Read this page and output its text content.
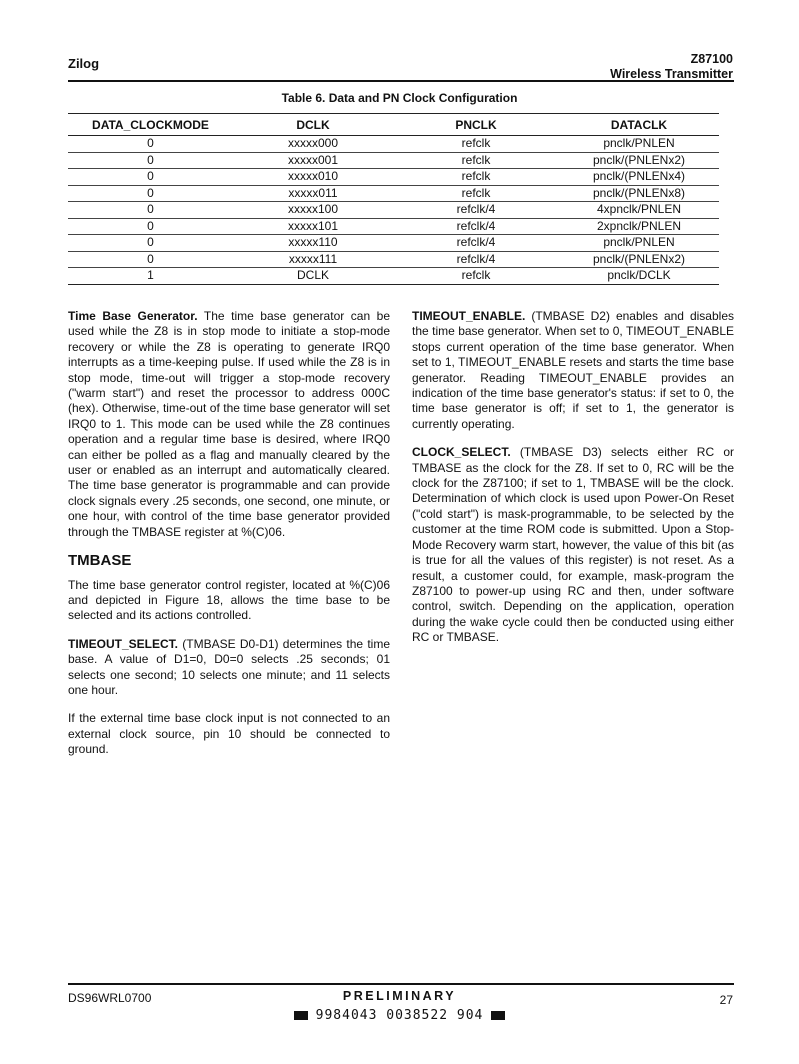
Zilog	Z87100
Wireless Transmitter
Table 6. Data and PN Clock Configuration
DATA_CLOCKMODE	DCLK	PNCLK	DATACLK
0	xxxxx000	refclk	pnclk/PNLEN
0	xxxxx001	refclk	pnclk/(PNLENx2)
0	xxxxx010	refclk	pnclk/(PNLENx4)
0	xxxxx011	refclk	pnclk/(PNLENx8)
0	xxxxx100	refclk/4	4xpnclk/PNLEN
0	xxxxx101	refclk/4	2xpnclk/PNLEN
0	xxxxx110	refclk/4	pnclk/PNLEN
0	xxxxx111	refclk/4	pnclk/(PNLENx2)
1	DCLK	refclk	pnclk/DCLK

Time Base Generator. The time base generator can be used while the Z8 is in stop mode to initiate a stop-mode recovery or while the Z8 is operating to generate IRQ0 interrupts as a time-keeping pulse. If used while the Z8 is in stop mode, time-out will trigger a stop-mode recovery ("warm start") and reset the processor to address 000C (hex). Otherwise, time-out of the time base generator will set IRQ0 to 1. This mode can be used while the Z8 continues operation and a regular time base is desired, where IRQ0 can either be polled as a flag and manually cleared by the user or enabled as an interrupt and automatically cleared. The time base generator is programmable and can provide clock signals every .25 seconds, one second, one minute, or one hour, with control of the time base generator provided through the TMBASE register at %(C)06.

TMBASE

The time base generator control register, located at %(C)06 and depicted in Figure 18, allows the time base to be selected and its actions controlled.

TIMEOUT_SELECT. (TMBASE D0-D1) determines the time base. A value of D1=0, D0=0 selects .25 seconds; 01 selects one second; 10 selects one minute; and 11 selects one hour.

If the external time base clock input is not connected to an external clock source, pin 10 should be connected to ground.

TIMEOUT_ENABLE. (TMBASE D2) enables and disables the time base generator. When set to 0, TIMEOUT_ENABLE stops current operation of the time base generator. When set to 1, TIMEOUT_ENABLE resets and starts the time base generator. Reading TIMEOUT_ENABLE provides an indication of the time base generator's status: if set to 0, the time base generator is off; if set to 1, the generator is currently operating.

CLOCK_SELECT. (TMBASE D3) selects either RC or TMBASE as the clock for the Z8. If set to 0, RC will be the clock for the Z87100; if set to 1, TMBASE will be the clock. Determination of which clock is used upon Power-On Reset ("cold start") is mask-programmable, to be selected by the customer at the time ROM code is submitted. Upon a Stop-Mode Recovery warm start, however, the value of this bit (as is true for all the values of this register) is not reset. As a result, a customer could, for example, mask-program the Z87100 to power-up using RC and then, under software control, switch. Depending on the application, operation during the wake cycle could then be conducted using either RC or TMBASE.

DS96WRL0700	PRELIMINARY	27
9984043 0038522 904
